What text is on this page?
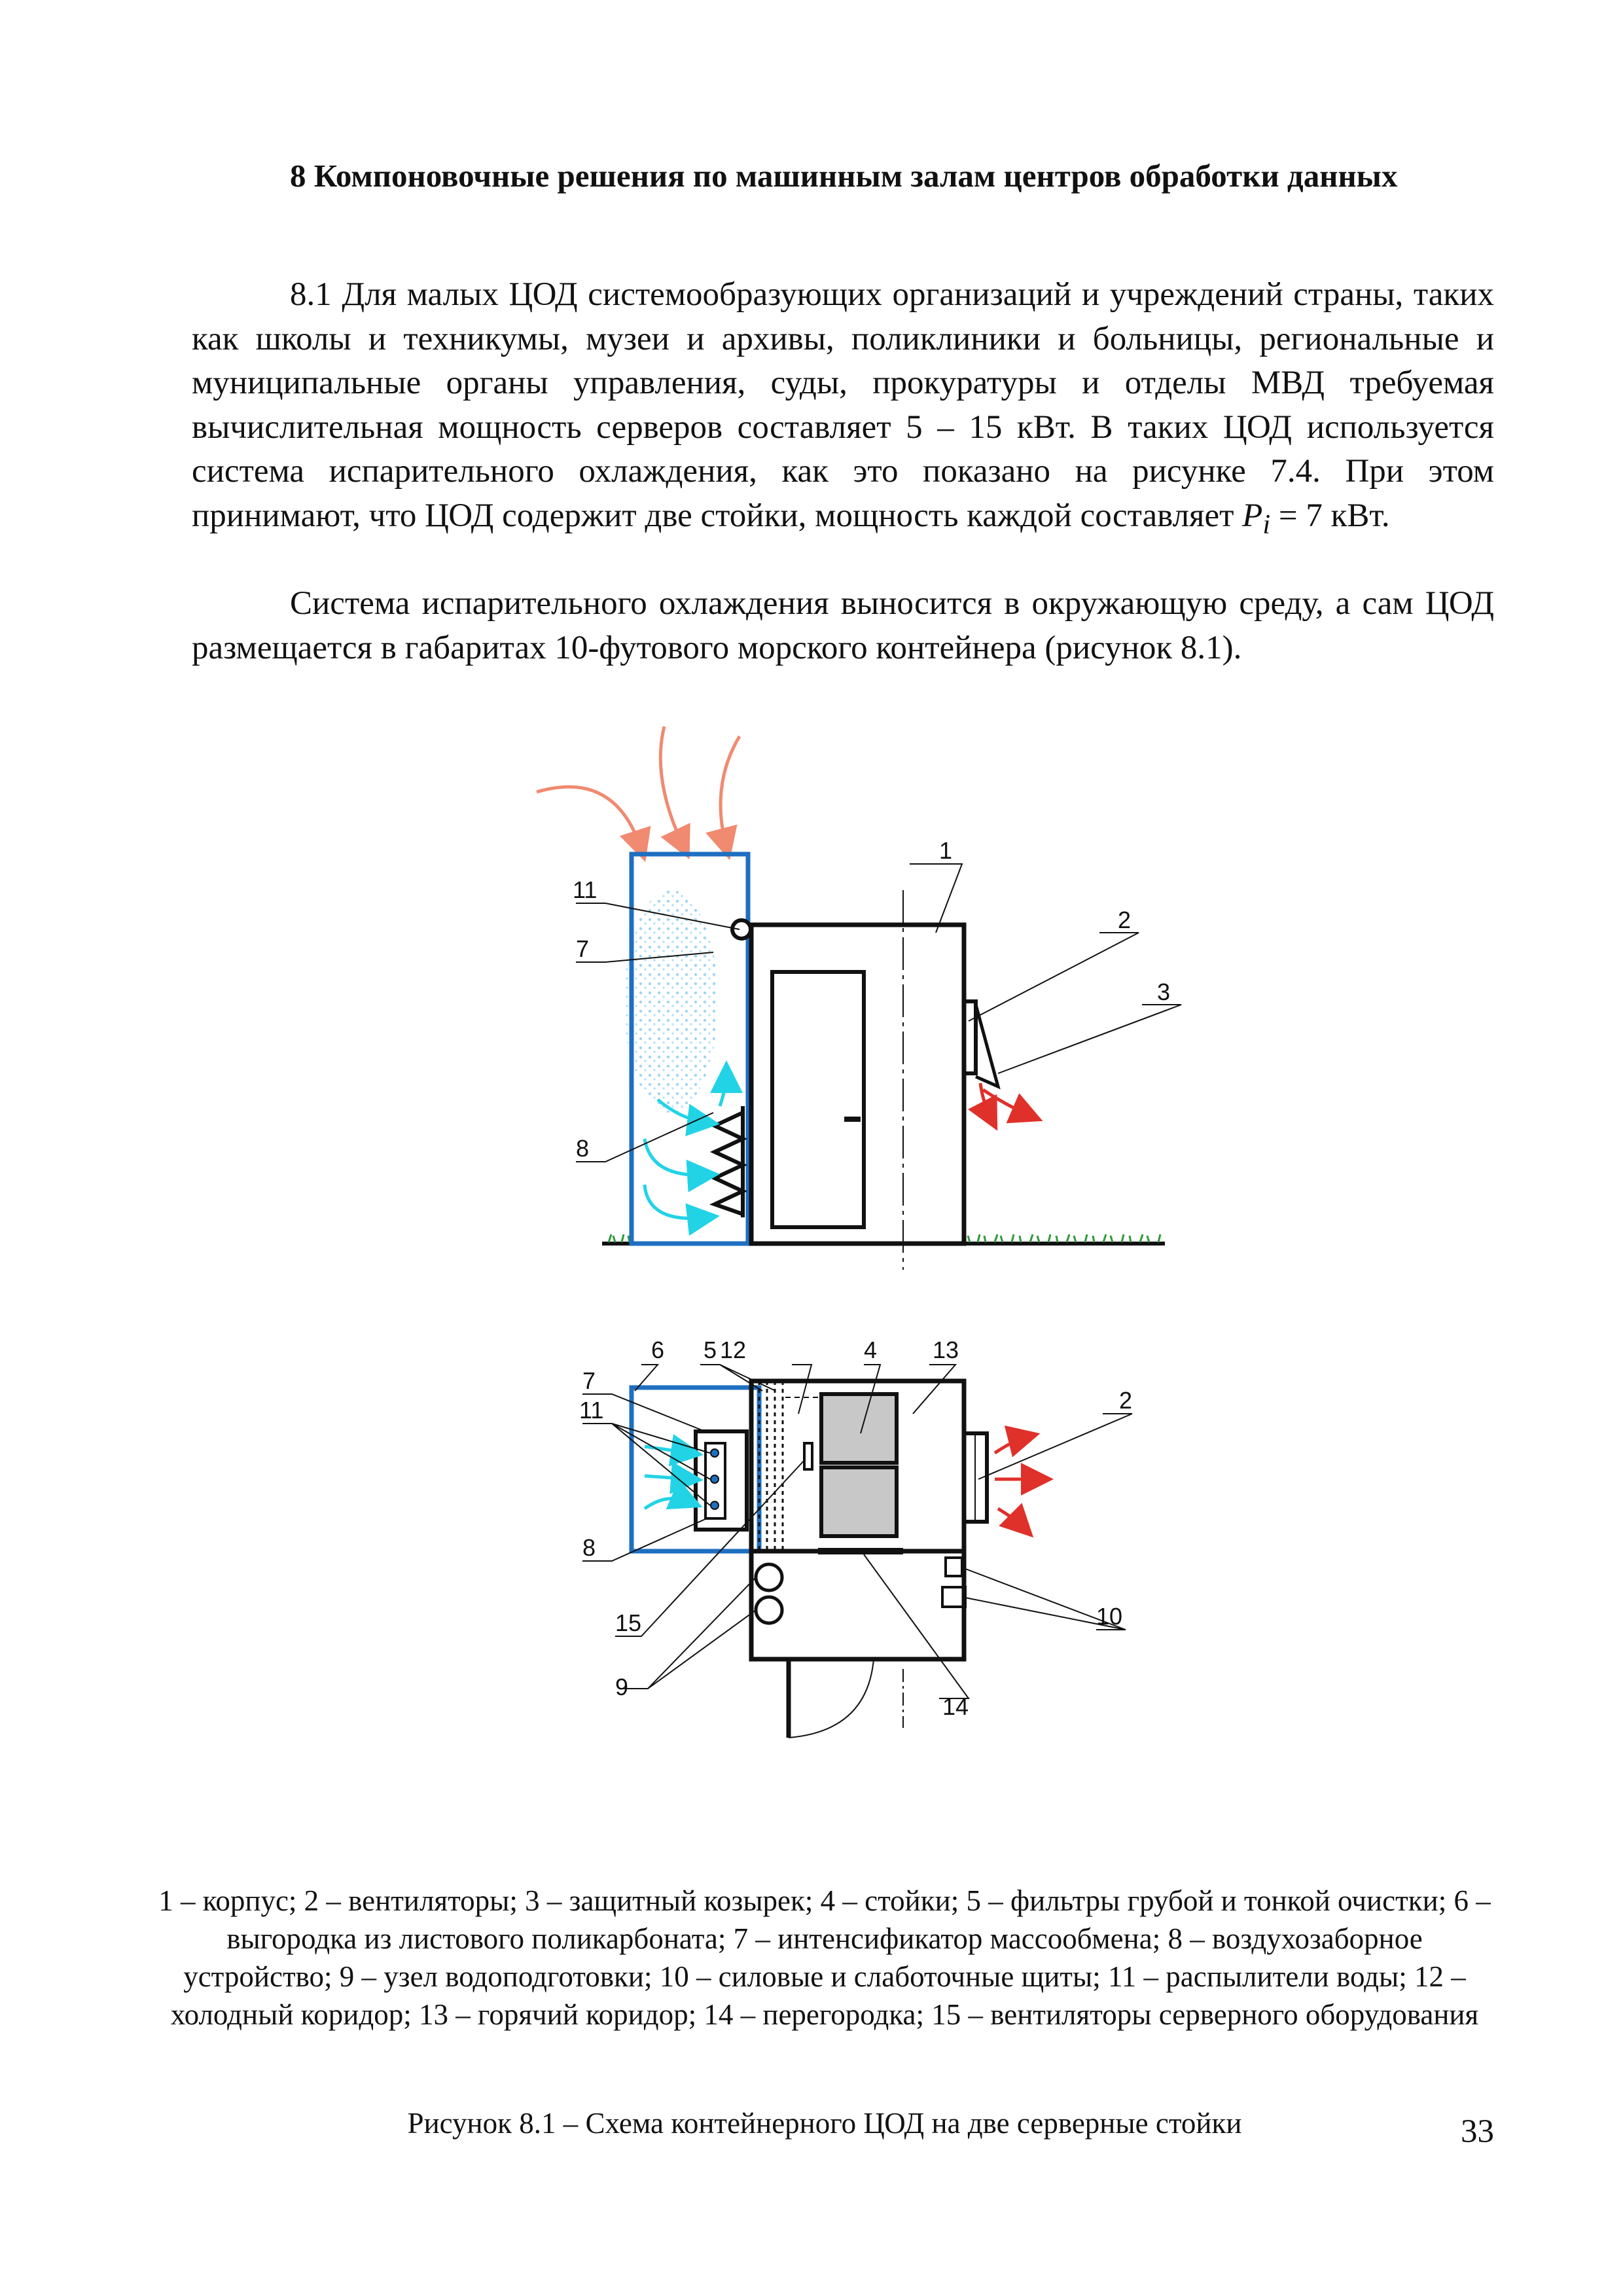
8 Компоновочные решения по машинным залам центров обработки данных

8.1 Для малых ЦОД системообразующих организаций и учреждений страны, таких как школы и техникумы, музеи и архивы, поликлиники и больницы, региональные и муниципальные органы управления, суды, прокуратуры и отделы МВД требуемая вычислительная мощность серверов составляет 5 – 15 кВт. В таких ЦОД используется система испарительного охлаждения, как это показано на рисунке 7.4. При этом принимают, что ЦОД содержит две стойки, мощность каждой составляет $P_i = 7$ кВт.

Система испарительного охлаждения выносится в окружающую среду, а сам ЦОД размещается в габаритах 10-футового морского контейнера (рисунок 8.1).

1
2
3
11
7
8
6 5 12	4 13
2
7
11
8
15
9
10
14

1 – корпус; 2 – вентиляторы; 3 – защитный козырек; 4 – стойки; 5 – фильтры грубой и тонкой очистки; 6 – выгородка из листового поликарбоната; 7 – интенсификатор массообмена; 8 – воздухозаборное устройство; 9 – узел водоподготовки; 10 – силовые и слаботочные щиты; 11 – распылители воды; 12 – холодный коридор; 13 – горячий коридор; 14 – перегородка; 15 – вентиляторы серверного оборудования

Рисунок 8.1 – Схема контейнерного ЦОД на две серверные стойки	33
